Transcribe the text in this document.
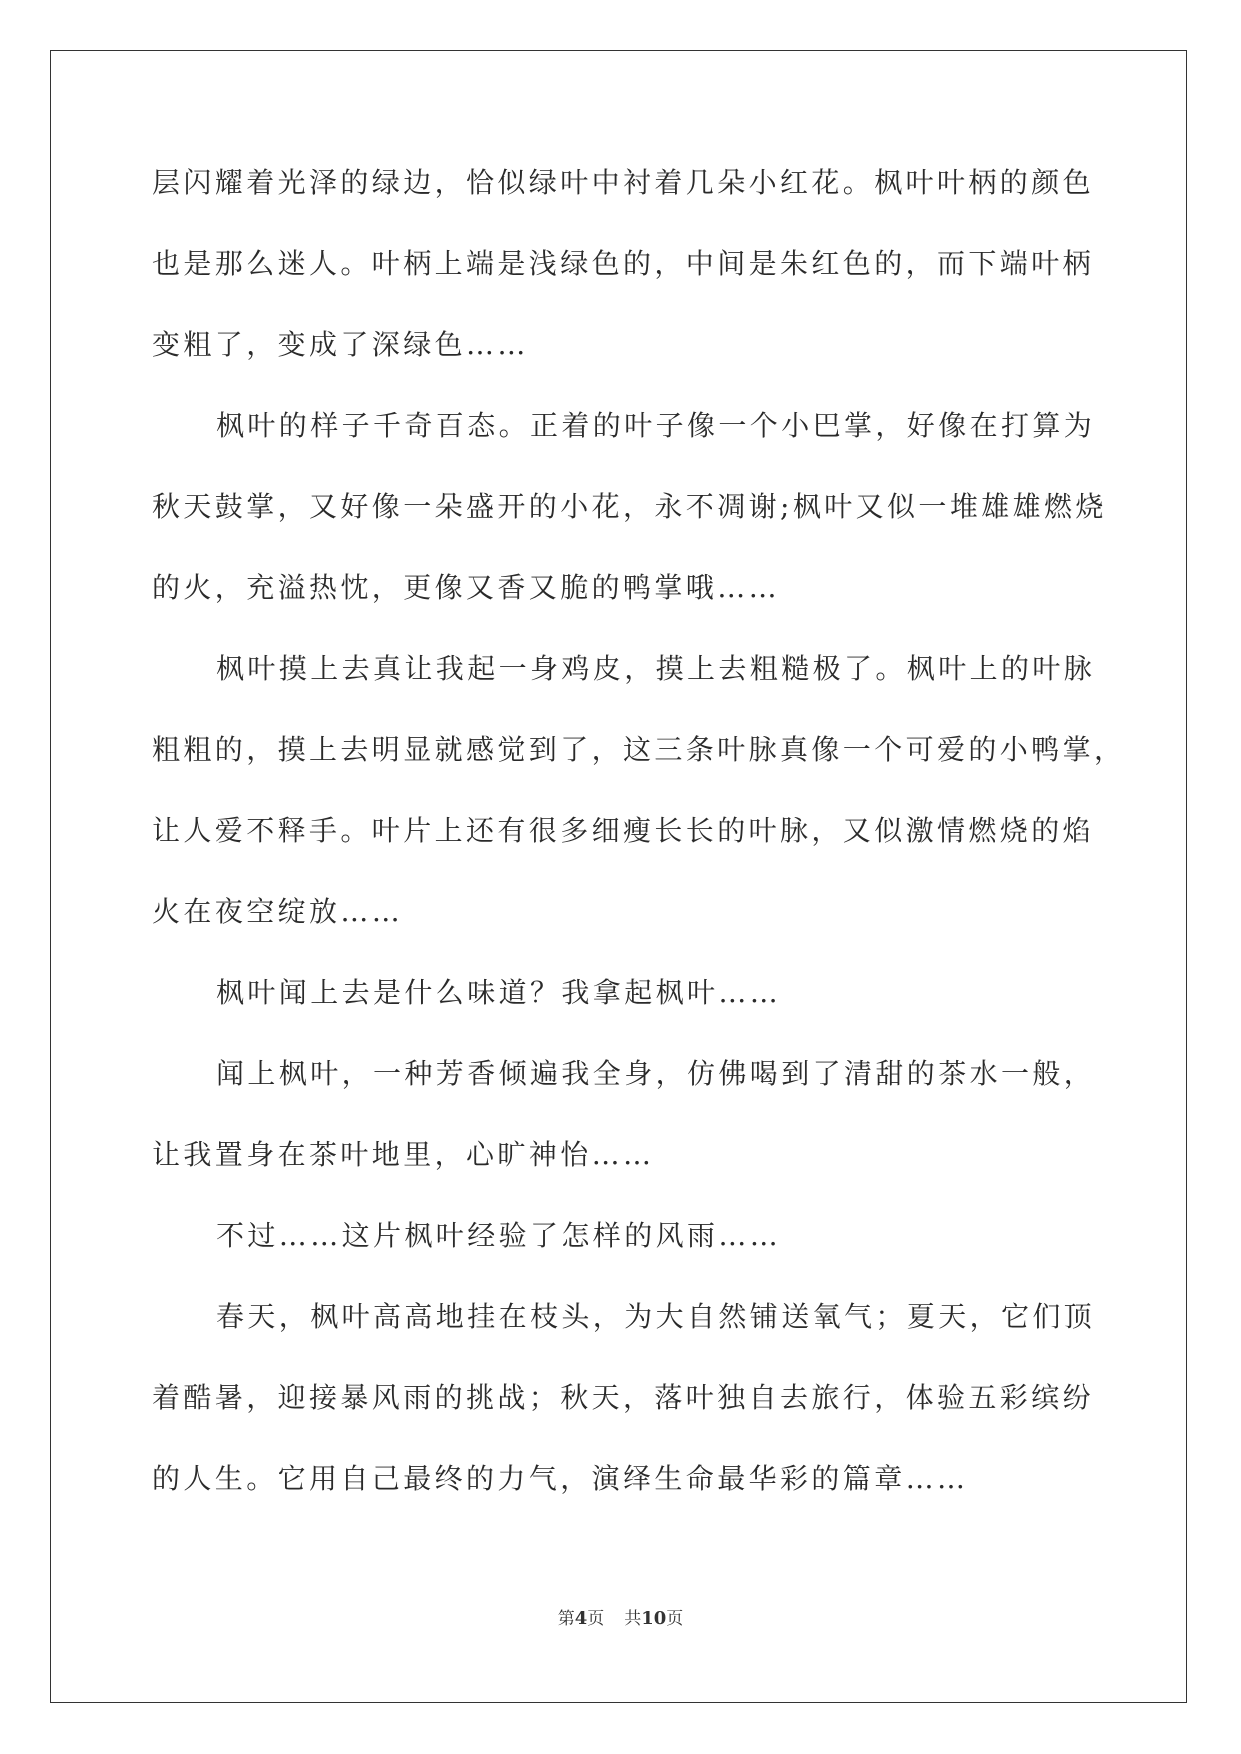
层闪耀着光泽的绿边，恰似绿叶中衬着几朵小红花。枫叶叶柄的颜色
也是那么迷人。叶柄上端是浅绿色的，中间是朱红色的，而下端叶柄
变粗了，变成了深绿色……
枫叶的样子千奇百态。正着的叶子像一个小巴掌，好像在打算为
秋天鼓掌，又好像一朵盛开的小花，永不凋谢;枫叶又似一堆雄雄燃烧
的火，充溢热忱，更像又香又脆的鸭掌哦……
枫叶摸上去真让我起一身鸡皮，摸上去粗糙极了。枫叶上的叶脉
粗粗的，摸上去明显就感觉到了，这三条叶脉真像一个可爱的小鸭掌，
让人爱不释手。叶片上还有很多细瘦长长的叶脉，又似激情燃烧的焰
火在夜空绽放……
枫叶闻上去是什么味道？我拿起枫叶……
闻上枫叶，一种芳香倾遍我全身，仿佛喝到了清甜的茶水一般，
让我置身在茶叶地里，心旷神怡……
不过……这片枫叶经验了怎样的风雨……
春天，枫叶高高地挂在枝头，为大自然铺送氧气；夏天，它们顶
着酷暑，迎接暴风雨的挑战；秋天，落叶独自去旅行，体验五彩缤纷
的人生。它用自己最终的力气，演绎生命最华彩的篇章……
第4页 共10页
